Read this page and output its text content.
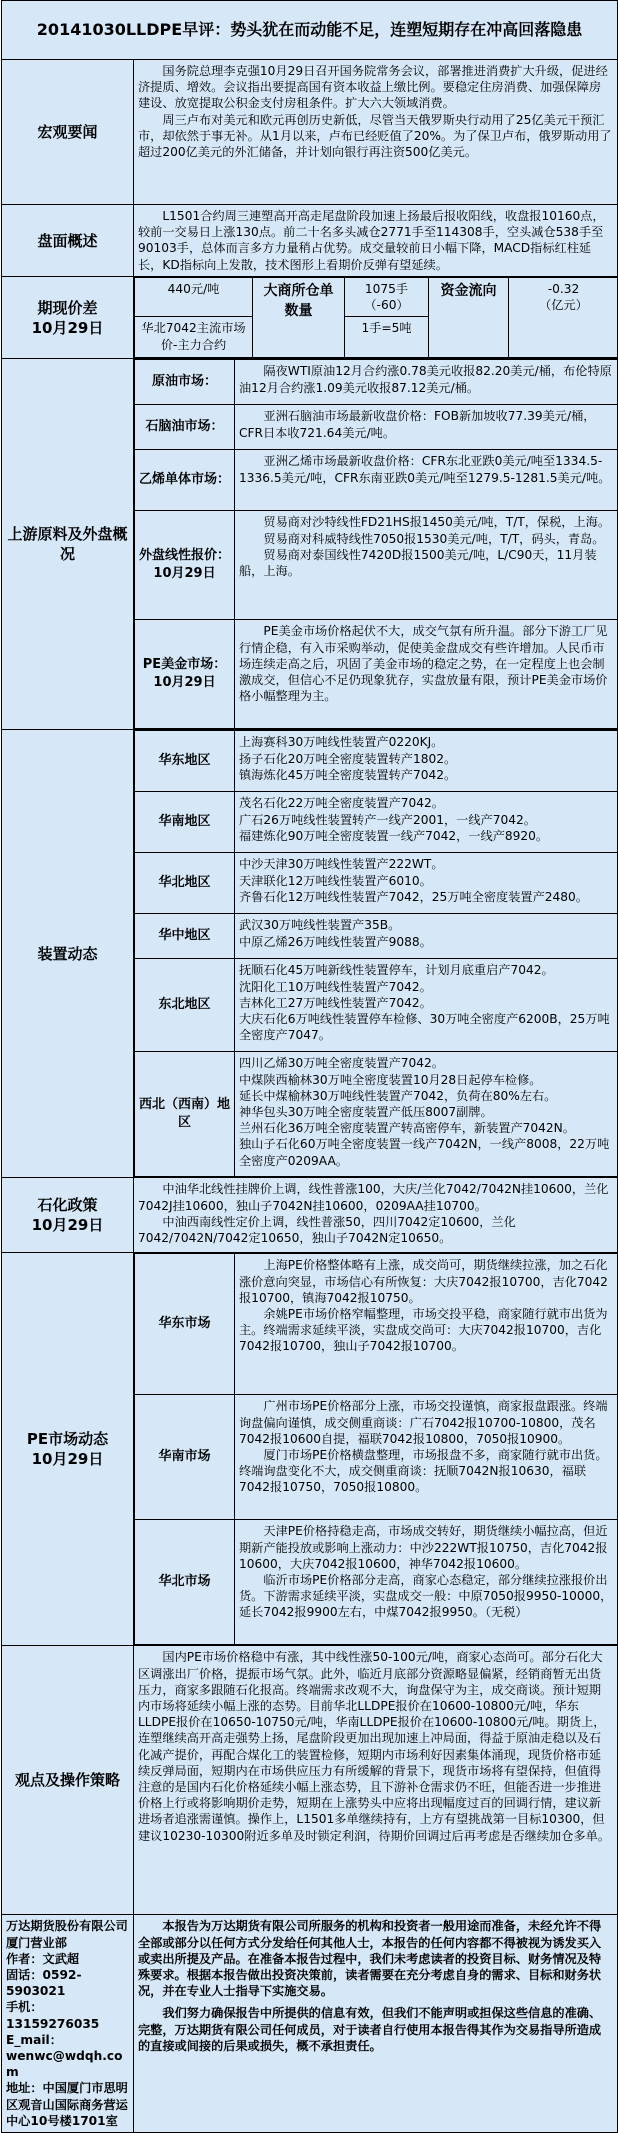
20141030LLDPE早评：势头犹在而动能不足，连塑短期存在冲高回落隐患
宏观要闻	

国务院总理李克强10月29日召开国务院常务会议，部署推进消费扩大升级，促进经济提质、增效。会议指出要提高国有资本收益上缴比例。要稳定住房消费、加强保障房建设、放宽提取公积金支付房租条件。扩大六大领域消费。

周三卢布对美元和欧元再创历史新低，尽管当天俄罗斯央行动用了25亿美元干预汇市，却依然于事无补。从1月以来，卢布已经贬值了20%。为了保卫卢布，俄罗斯动用了超过200亿美元的外汇储备，并计划向银行再注资500亿美元。

盘面概述	

L1501合约周三連塑高开高走尾盘阶段加速上扬最后报收阳线，收盘报10160点，较前一交易日上涨130点。前二十名多头减仓2771手至114308手，空头减仓538手至90103手，总体而言多方力量稍占优势。成交量较前日小幅下降，MACD指标红柱延长，KD指标向上发散，技术图形上看期价反弹有望延续。

期现价差
10月29日

440元/吨	大商所仓单数量	1075手（-60）	资金流向	-0.32
（亿元）

华北7042主流市场价-主力合约	1手=5吨

上游原料及外盘概况	
原油市场：	

隔夜WTI原油12月合约涨0.78美元收报82.20美元/桶，布伦特原油12月合约涨1.09美元收报87.12美元/桶。

石脑油市场：	

亚洲石脑油市场最新收盘价格：FOB新加坡收77.39美元/桶，CFR日本收721.64美元/吨。

乙烯单体市场：	

亚洲乙烯市场最新收盘价格：CFR东北亚跌0美元/吨至1334.5-1336.5美元/吨，CFR东南亚跌0美元/吨至1279.5-1281.5美元/吨。

外盘线性报价：
10月29日

贸易商对沙特线性FD21HS报1450美元/吨，T/T，保税，上海。

贸易商对科威特线性7050报1530美元/吨，T/T，码头，青岛。

贸易商对泰国线性7420D报1500美元/吨，L/C90天，11月装船，上海。

PE美金市场：
10月29日

PE美金市场价格起伏不大，成交气氛有所升温。部分下游工厂见行情企稳，有入市采购举动，促使美金盘成交有些许增加。人民币市场连续走高之后，巩固了美金市场的稳定之势，在一定程度上也会制激成交，但信心不足仍现象犹存，实盘放量有限，预计PE美金市场价格小幅整理为主。

装置动态	
华东地区	
上海赛科30万吨线性装置产0220KJ。
扬子石化20万吨全密度装置转产1802。
镇海炼化45万吨全密度装置转产7042。

华南地区	
茂名石化22万吨全密度装置产7042。
广石26万吨线性装置转产一线产2001，一线产7042。
福建炼化90万吨全密度装置一线产7042，一线产8920。

华北地区	
中沙天津30万吨线性装置产222WT。
天津联化12万吨线性装置产6010。
齐鲁石化12万吨线性装置产7042，25万吨全密度装置产2480。

华中地区	
武汉30万吨线性装置产35B。
中原乙烯26万吨线性装置产9088。

东北地区	
抚顺石化45万吨新线性装置停车，计划月底重启产7042。
沈阳化工10万吨线性装置产7042。
吉林化工27万吨线性装置产7042。
大庆石化6万吨线性装置停车检修、30万吨全密度产6200B，25万吨全密度产7047。

西北（西南）地区	
四川乙烯30万吨全密度装置产7042。
中煤陕西榆林30万吨全密度装置10月28日起停车检修。
延长中煤榆林30万吨线性装置产7042，负荷在80%左右。
神华包头30万吨全密度装置产低压8007副牌。
兰州石化36万吨全密度装置产转高密停车，新装置产7042N。
独山子石化60万吨全密度装置一线产7042N，一线产8008，22万吨全密度产0209AA。

石化政策
10月29日

中油华北线性挂牌价上调，线性普涨100，大庆/兰化7042/7042N挂10600，兰化7042J挂10600，独山子7042N挂10600，0209AA挂10700。

中油西南线性定价上调，线性普涨50，四川7042定10600，兰化7042/7042N/7042定10650，独山子7042N定10650。

PE市场动态
10月29日

华东市场	

上海PE价格整体略有上涨，成交尚可，期货继续拉涨，加之石化涨价意向突显，市场信心有所恢复：大庆7042报10700，吉化7042报10700，镇海7042报10750。

余姚PE市场价格窄幅整理，市场交投平稳，商家随行就市出货为主。终端需求延续平淡，实盘成交尚可：大庆7042报10700，吉化7042报10700，独山子7042报10700。

华南市场	

广州市场PE价格部分上涨，市场交投谨慎，商家报盘跟涨。终端询盘偏向谨慎，成交侧重商谈：广石7042报10700-10800，茂名7042报10600自提，福联7042报10800，7050报10900。

厦门市场PE价格横盘整理，市场报盘不多，商家随行就市出货。终端询盘变化不大，成交侧重商谈：抚顺7042N报10630，福联7042报10750，7050报10800。

华北市场	

天津PE价格持稳走高，市场成交转好，期货继续小幅拉高，但近期新产能投放或影响上涨动力：中沙222WT报10750，吉化7042报10600，大庆7042报10600，神华7042报10600。

临沂市场PE价格部分走高，商家心态稳定，部分继续拉涨报价出货。下游需求延续平淡，实盘成交一般：中原7050报9950-10000，延长7042报9900左右，中煤7042报9950。（无税）

观点及操作策略	

国内PE市场价格稳中有涨，其中线性涨50-100元/吨，商家心态尚可。部分石化大区调涨出厂价格，提振市场气氛。此外，临近月底部分资源略显偏紧，经销商暂无出货压力，商家多跟随石化报高。终端需求改观不大，询盘保守为主，成交商谈。预计短期内市场将延续小幅上涨的态势。目前华北LLDPE报价在10600-10800元/吨，华东LLDPE报价在10650-10750元/吨，华南LLDPE报价在10600-10800元/吨。期货上，连塑继续高开高走强势上扬，尾盘阶段更加出现加速上冲局面，得益于原油走稳以及石化减产提价，再配合煤化工的装置检修，短期内市场利好因素集体涌现，现货价格市延续反弹局面，短期内在市场供应压力有所缓解的背景下，现货市场将有望保持，但值得注意的是国内石化价格延续小幅上涨态势，且下游补仓需求仍不旺，但能否进一步推进价格上行或将影响期价走势，短期在上涨势头中应将出现幅度过百的回调行情，建议新进场者追涨需谨慎。操作上，L1501多单继续持有，上方有望挑战第一目标10300，但建议10230-10300附近多单及时锁定利润，待期价回调过后再考虑是否继续加仓多单。

万达期货股份有限公司厦门营业部
作者：文武超
固话：0592-5903021
手机：13159276035
E_mail：
wenwc@wdqh.com
地址：中国厦门市思明区观音山国际商务营运中心10号楼1701室

本报告为万达期货有限公司所服务的机构和投资者一般用途而准备，未经允许不得全部或部分以任何方式分发给任何其他人士，本报告的任何内容都不得被视为诱发买入或卖出所提及产品。在准备本报告过程中，我们未考虑读者的投资目标、财务情况及特殊要求。根据本报告做出投资决策前，读者需要在充分考虑自身的需求、目标和财务状况，并在专业人士指导下实施交易。

我们努力确保报告中所提供的信息有效，但我们不能声明或担保这些信息的准确、完整，万达期货有限公司任何成员，对于读者自行使用本报告得其作为交易指导所造成的直接或间接的后果或损失，概不承担责任。
